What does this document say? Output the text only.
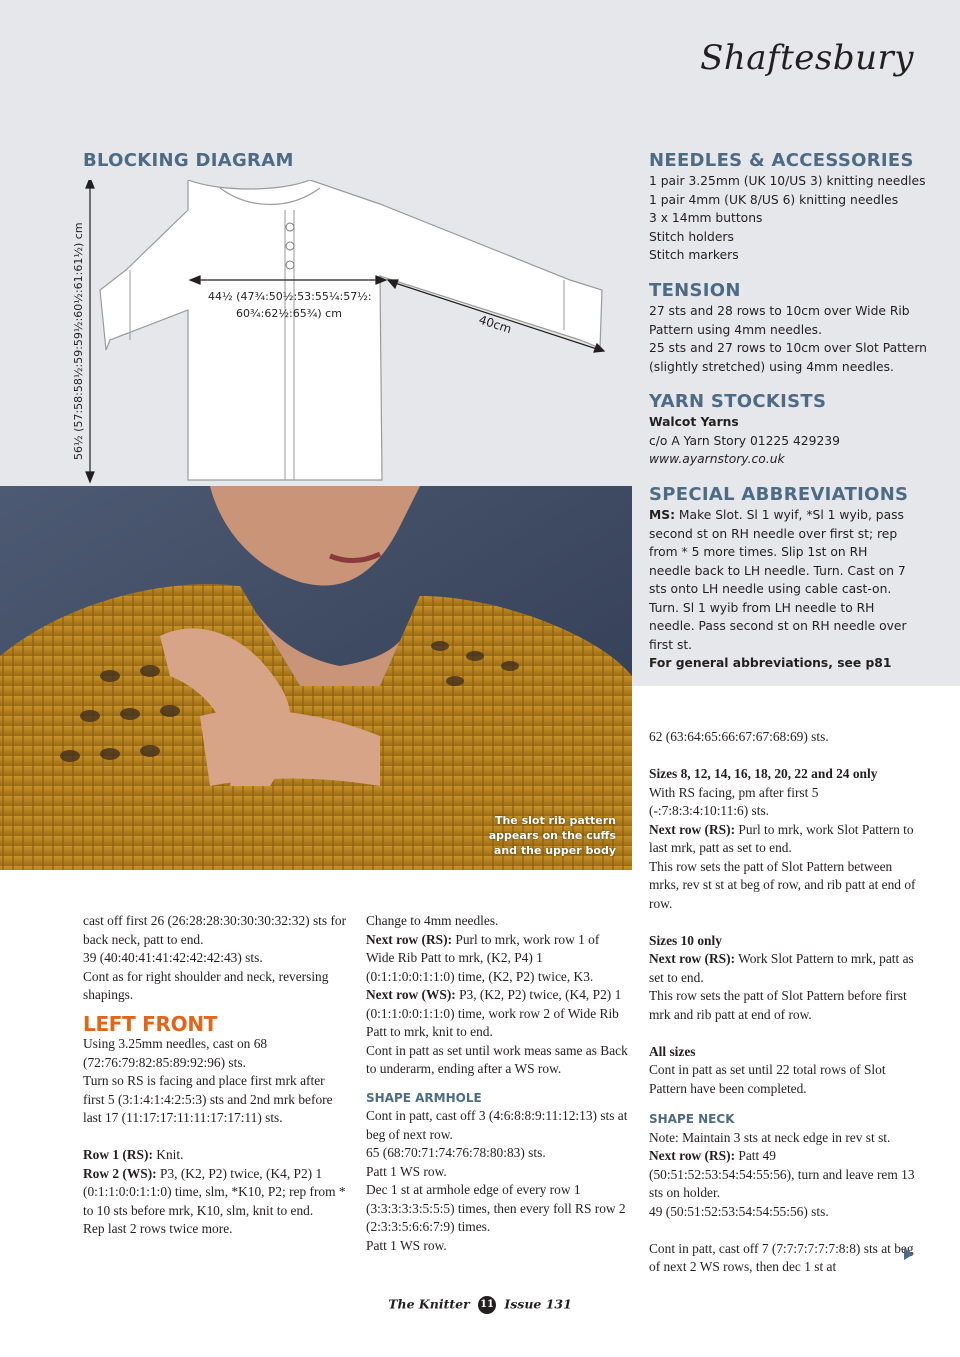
Shaftesbury
BLOCKING DIAGRAM
56½ (57:58:58½:59:59½:60½:61:61½) cm	44½ (47¾:50½:53:55¼:57½:
60¾:62½:65¾) cm	40cm
NEEDLES & ACCESSORIES

1 pair 3.25mm (UK 10/US 3) knitting needles

1 pair 4mm (UK 8/US 6) knitting needles

3 x 14mm buttons

Stitch holders

Stitch markers

TENSION

27 sts and 28 rows to 10cm over Wide Rib

Pattern using 4mm needles.

25 sts and 27 rows to 10cm over Slot Pattern

(slightly stretched) using 4mm needles.

YARN STOCKISTS

Walcot Yarns

c/o A Yarn Story 01225 429239

www.ayarnstory.co.uk

SPECIAL ABBREVIATIONS

MS: Make Slot. Sl 1 wyif, *Sl 1 wyib, pass second st on RH needle over first st; rep from * 5 more times. Slip 1st on RH needle back to LH needle. Turn. Cast on 7 sts onto LH needle using cable cast-on. Turn. Sl 1 wyib from LH needle to RH needle. Pass second st on RH needle over first st.

For general abbreviations, see p81

The slot rib pattern appears on the cuffs and the upper body

cast off first 26 (26:28:28:30:30:30:32:32) sts for back neck, patt to end.

39 (40:40:41:41:42:42:42:43) sts.

Cont as for right shoulder and neck, reversing shapings.

LEFT FRONT

Using 3.25mm needles, cast on 68 (72:76:79:82:85:89:92:96) sts.

Turn so RS is facing and place first mrk after first 5 (3:1:4:1:4:2:5:3) sts and 2nd mrk before last 17 (11:17:17:11:11:17:17:11) sts.

Row 1 (RS): Knit.

Row 2 (WS): P3, (K2, P2) twice, (K4, P2) 1 (0:1:1:0:0:1:1:0) time, slm, *K10, P2; rep from * to 10 sts before mrk, K10, slm, knit to end.

Rep last 2 rows twice more.

Change to 4mm needles.

Next row (RS): Purl to mrk, work row 1 of Wide Rib Patt to mrk, (K2, P4) 1 (0:1:1:0:0:1:1:0) time, (K2, P2) twice, K3.

Next row (WS): P3, (K2, P2) twice, (K4, P2) 1 (0:1:1:0:0:1:1:0) time, work row 2 of Wide Rib Patt to mrk, knit to end.

Cont in patt as set until work meas same as Back to underarm, ending after a WS row.

SHAPE ARMHOLE

Cont in patt, cast off 3 (4:6:8:8:9:11:12:13) sts at beg of next row.

65 (68:70:71:74:76:78:80:83) sts.

Patt 1 WS row.

Dec 1 st at armhole edge of every row 1 (3:3:3:3:3:5:5:5) times, then every foll RS row 2 (2:3:3:5:6:6:7:9) times.

Patt 1 WS row.

62 (63:64:65:66:67:67:68:69) sts.

Sizes 8, 12, 14, 16, 18, 20, 22 and 24 only

With RS facing, pm after first 5 (-:7:8:3:4:10:11:6) sts.

Next row (RS): Purl to mrk, work Slot Pattern to last mrk, patt as set to end.

This row sets the patt of Slot Pattern between mrks, rev st st at beg of row, and rib patt at end of row.

Sizes 10 only

Next row (RS): Work Slot Pattern to mrk, patt as set to end.

This row sets the patt of Slot Pattern before first mrk and rib patt at end of row.

All sizes

Cont in patt as set until 22 total rows of Slot Pattern have been completed.

SHAPE NECK

Note: Maintain 3 sts at neck edge in rev st st.

Next row (RS): Patt 49 (50:51:52:53:54:54:55:56), turn and leave rem 13 sts on holder.

49 (50:51:52:53:54:54:55:56) sts.

Cont in patt, cast off 7 (7:7:7:7:7:7:8:8) sts at beg of next 2 WS rows, then dec 1 st at

The Knitter 11 Issue 131
